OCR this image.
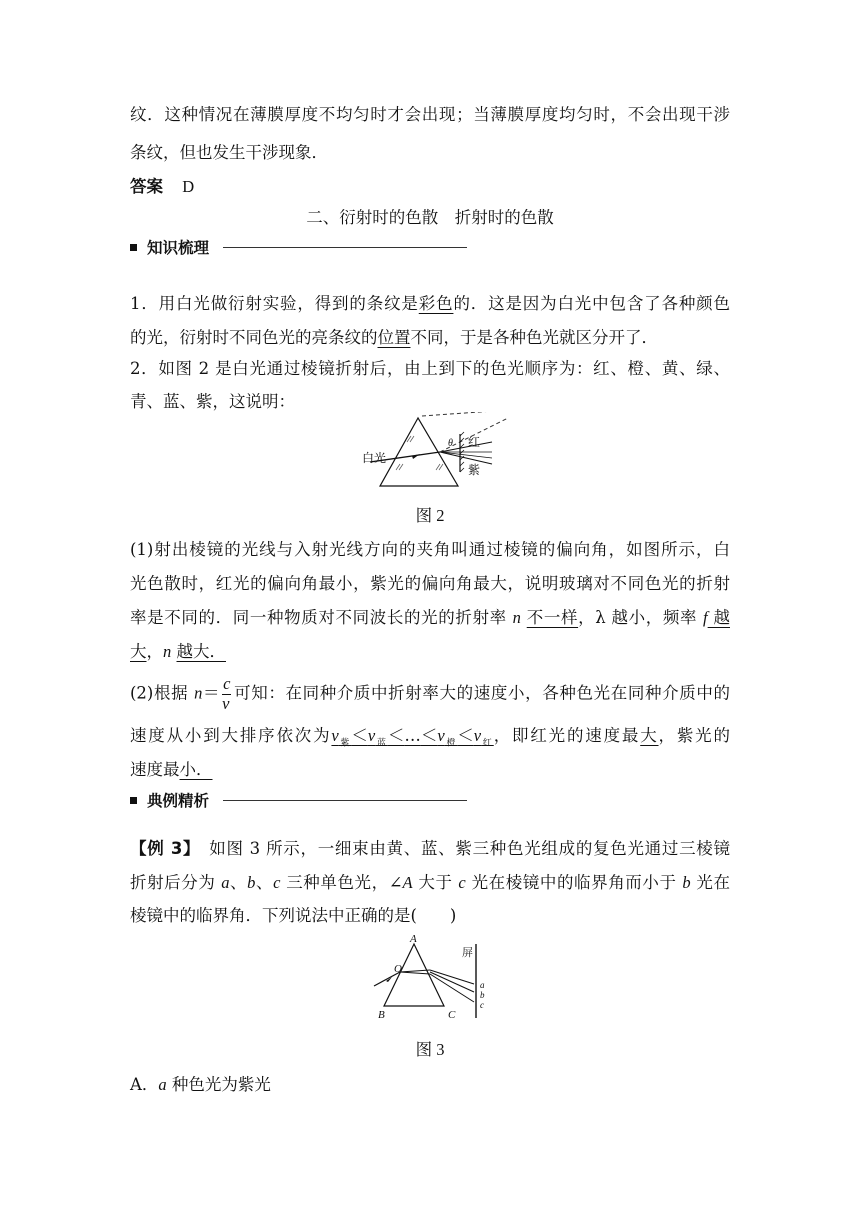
纹．这种情况在薄膜厚度不均匀时才会出现；当薄膜厚度均匀时，不会出现干涉
条纹，但也发生干涉现象．
答案 D
二、衍射时的色散　折射时的色散
知识梳理
1．用白光做衍射实验，得到的条纹是彩色的．这是因为白光中包含了各种颜色
的光，衍射时不同色光的亮条纹的位置不同，于是各种色光就区分开了．
2．如图 2 是白光通过棱镜折射后，由上到下的色光顺序为：红、橙、黄、绿、
青、蓝、紫，这说明：
白光
红
紫
θ
图 2
(1)射出棱镜的光线与入射光线方向的夹角叫通过棱镜的偏向角，如图所示，白
光色散时，红光的偏向角最小，紫光的偏向角最大，说明玻璃对不同色光的折射
率是不同的．同一种物质对不同波长的光的折射率 n 不一样，λ 越小，频率 f 越
大，n 越大．
(2)根据 $n= \frac{c}{v}$ 可知：在同种介质中折射率大的速度小，各种色光在同种介质中的
速度从小到大排序依次为$v_紫<v_蓝<\dots<v_橙<v_红$，即红光的速度最大，紫光的
速度最小．
典例精析
【例 3】　 如图 3 所示，一细束由黄、蓝、紫三种色光组成的复色光通过三棱镜
折射后分为 a、b、c 三种单色光，∠A 大于 c 光在棱镜中的临界角而小于 b 光在
棱镜中的临界角．下列说法中正确的是(　　)
A
B	C
O
屏
a
b
c
图 3
A．a 种色光为紫光
